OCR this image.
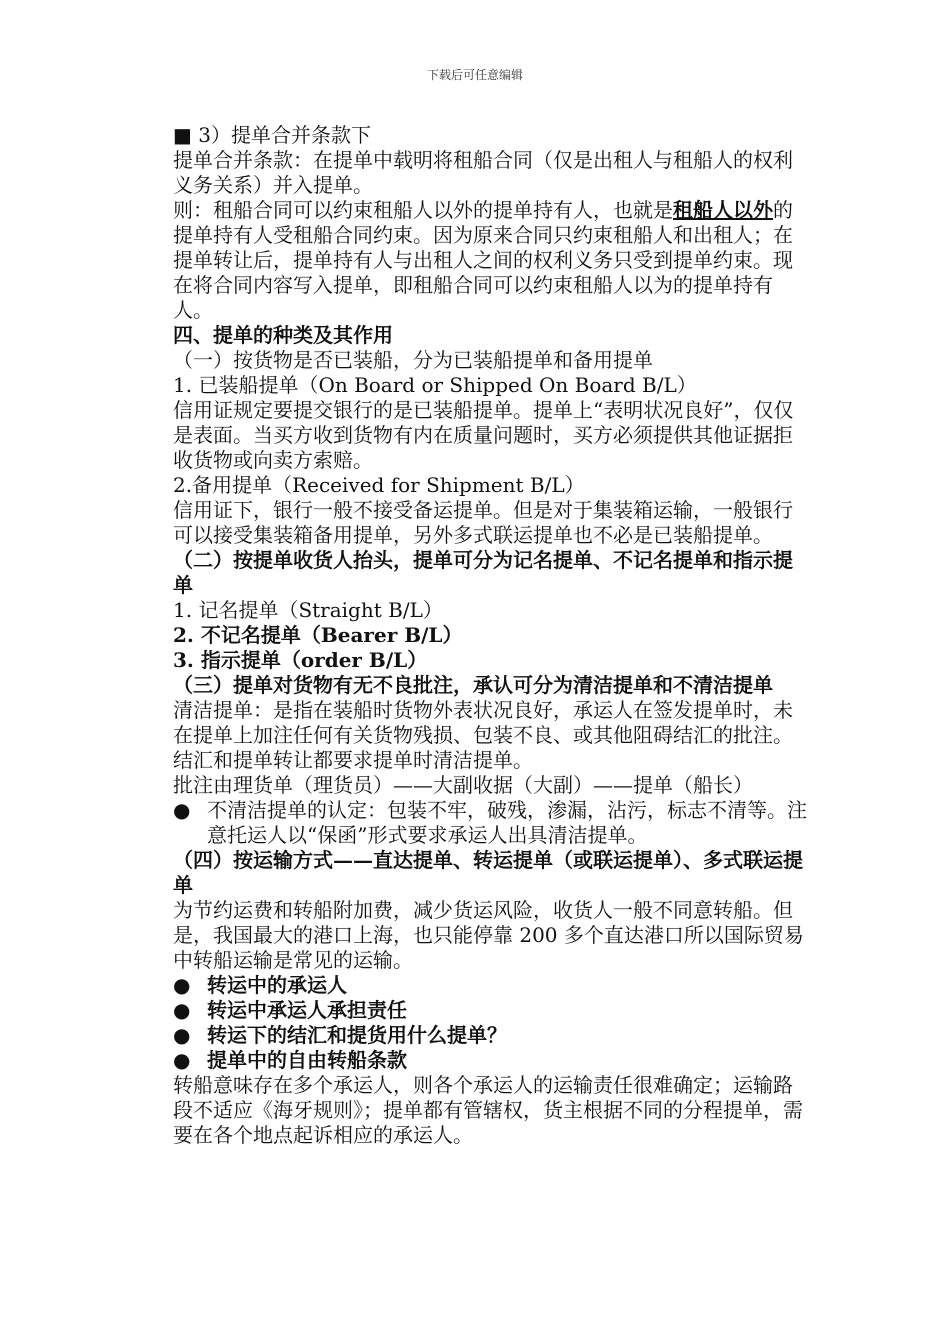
下载后可任意编辑

■ 3）提单合并条款下

提单合并条款：在提单中载明将租船合同（仅是出租人与租船人的权利义务关系）并入提单。

则：租船合同可以约束租船人以外的提单持有人，也就是租船人以外的提单持有人受租船合同约束。因为原来合同只约束租船人和出租人；在提单转让后，提单持有人与出租人之间的权利义务只受到提单约束。现在将合同内容写入提单，即租船合同可以约束租船人以为的提单持有人。

四、提单的种类及其作用

（一）按货物是否已装船，分为已装船提单和备用提单

1. 已装船提单（On Board or Shipped On Board B/L）

信用证规定要提交银行的是已装船提单。提单上“表明状况良好”，仅仅是表面。当买方收到货物有内在质量问题时，买方必须提供其他证据拒收货物或向卖方索赔。

2.备用提单（Received for Shipment B/L）

信用证下，银行一般不接受备运提单。但是对于集装箱运输，一般银行可以接受集装箱备用提单，另外多式联运提单也不必是已装船提单。

（二）按提单收货人抬头，提单可分为记名提单、不记名提单和指示提单

1. 记名提单（Straight B/L）

2. 不记名提单（Bearer B/L）

3. 指示提单（order B/L）

（三）提单对货物有无不良批注，承认可分为清洁提单和不清洁提单

清洁提单：是指在装船时货物外表状况良好，承运人在签发提单时，未在提单上加注任何有关货物残损、包装不良、或其他阻碍结汇的批注。结汇和提单转让都要求提单时清洁提单。

批注由理货单（理货员）——大副收据（大副）——提单（船长）

● 不清洁提单的认定：包装不牢，破残，渗漏，沾污，标志不清等。注意托运人以“保函”形式要求承运人出具清洁提单。

（四）按运输方式——直达提单、转运提单（或联运提单）、多式联运提单

为节约运费和转船附加费，减少货运风险，收货人一般不同意转船。但是，我国最大的港口上海，也只能停靠 200 多个直达港口所以国际贸易中转船运输是常见的运输。

● 转运中的承运人
● 转运中承运人承担责任
● 转运下的结汇和提货用什么提单？
● 提单中的自由转船条款

转船意味存在多个承运人，则各个承运人的运输责任很难确定；运输路段不适应《海牙规则》；提单都有管辖权，货主根据不同的分程提单，需要在各个地点起诉相应的承运人。
